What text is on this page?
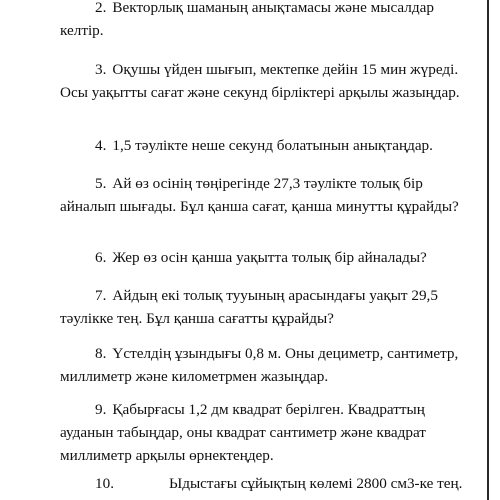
2. Векторлық шаманың анықтамасы және мысалдар келтір.

3. Оқушы үйден шығып, мектепке дейін 15 мин жүреді. Осы уақытты сағат және секунд бірліктері арқылы жазыңдар.

4. 1,5 тәулікте неше секунд болатынын анықтаңдар.

5. Ай өз осінің төңірегінде 27,3 тәулікте толық бір айналып шығады. Бұл қанша сағат, қанша минутты құрайды?

6. Жер өз осін қанша уақытта толық бір айналады?

7. Айдың екі толық тууының арасындағы уақыт 29,5 тәулікке тең. Бұл қанша сағатты құрайды?

8. Үстелдің ұзындығы 0,8 м. Оны дециметр, сантиметр, миллиметр және километрмен жазыңдар.

9. Қабырғасы 1,2 дм квадрат берілген. Квадраттың ауданын табыңдар, оны квадрат сантиметр және квадрат миллиметр арқылы өрнектеңдер.

10.	Ыдыстағы сұйықтың көлемі 2800 см3-ке тең.
